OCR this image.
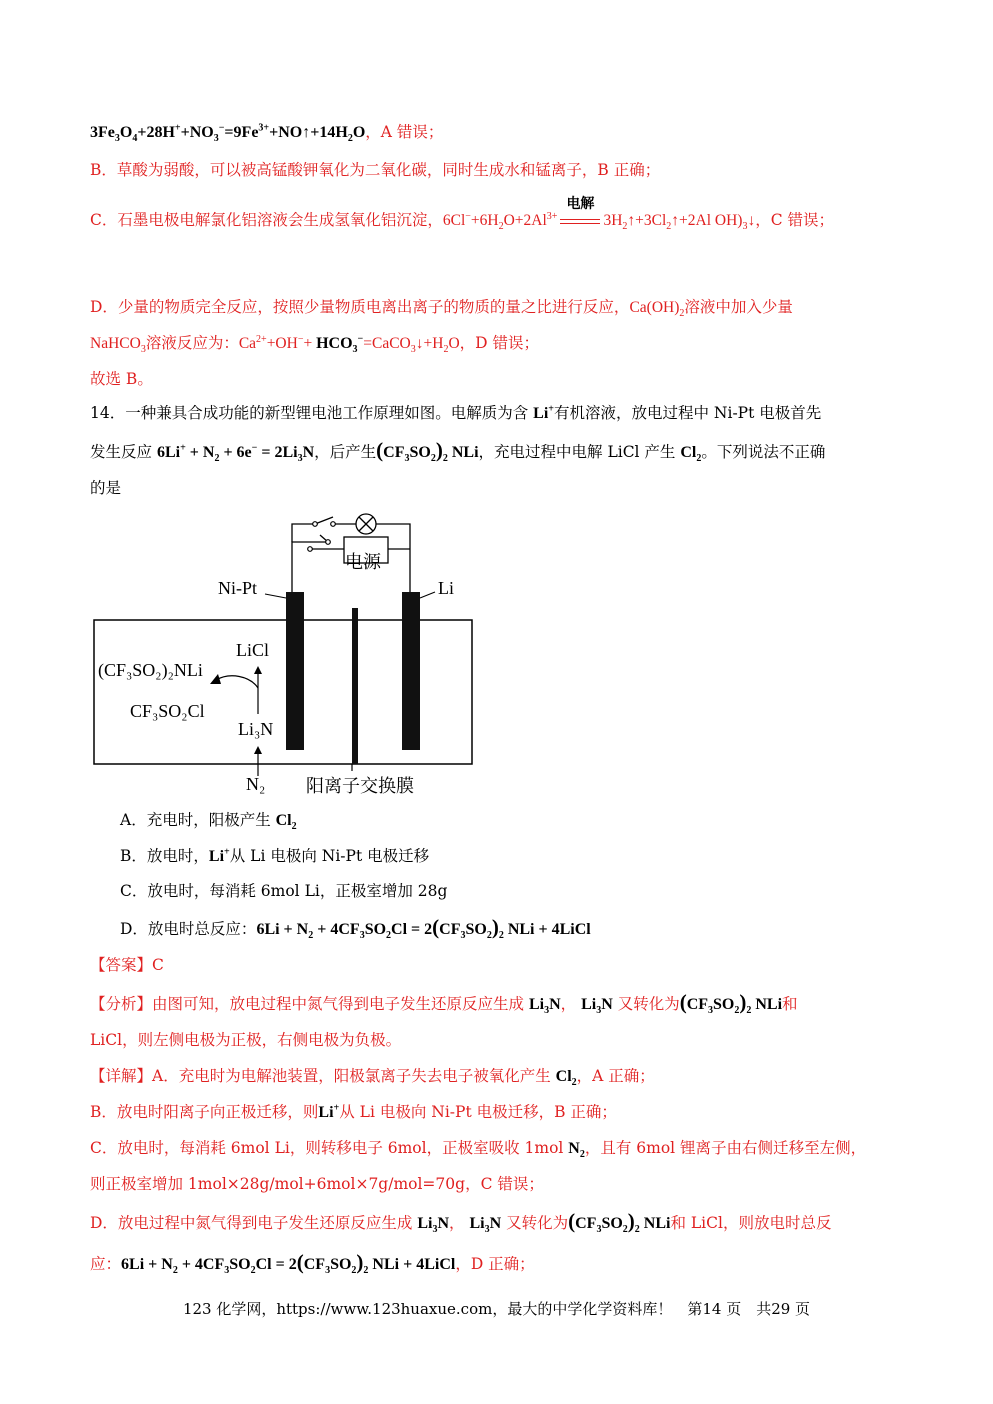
$3Fe_3O_4+28H^++NO_3^-=9Fe^{3+}+NO↑+14H_2O$，A 错误；
B．草酸为弱酸，可以被高锰酸钾氧化为二氧化碳，同时生成水和锰离子，B 正确；
C．石墨电极电解氯化铝溶液会生成氢氧化铝沉淀，$6Cl^-+6H_2O+2Al^{3+}$
电解
$3H_2↑+3Cl_2↑+2Al$ $OH)_3↓$，C 错误；
D．少量的物质完全反应，按照少量物质电离出离子的物质的量之比进行反应，$Ca(OH)_2$溶液中加入少量
NaHCO$_3$溶液反应为：$Ca^{2+}+OH^-+$ $HCO_3^-=CaCO_3↓+H_2O$，D 错误；
故选 B。
14．一种兼具合成功能的新型锂电池工作原理如图。电解质为含 Li+有机溶液，放电过程中 Ni-Pt 电极首先
发生反应 $6Li^+ + N_2 + 6e^- = 2Li_3N$，后产生$(CF_3SO_2)_2$ NLi，充电过程中电解 LiCl 产生 $Cl_2$。下列说法不正确
的是
电源
Ni-Pt	Li
LiCl
(CF₃SO₂)₂NLi
CF₃SO₂Cl
Li₃N
N₂ 阳离子交换膜
A．充电时，阳极产生 $Cl_2$
B．放电时，Li+从 Li 电极向 Ni-Pt 电极迁移
C．放电时，每消耗 6mol Li，正极室增加 28g
D．放电时总反应：$6Li + N_2 + 4CF_3SO_2Cl = 2(CF_3SO_2)_2$ NLi + 4LiCl
【答案】C
【分析】由图可知，放电过程中氮气得到电子发生还原反应生成 $Li_3N$， $Li_3N$ 又转化为$(CF_3SO_2)_2$ NLi和
LiCl，则左侧电极为正极，右侧电极为负极。
【详解】A．充电时为电解池装置，阳极氯离子失去电子被氧化产生 $Cl_2$，A 正确；
B．放电时阳离子向正极迁移，则Li+从 Li 电极向 Ni-Pt 电极迁移，B 正确；
C．放电时，每消耗 6mol Li，则转移电子 6mol，正极室吸收 1mol $N_2$，且有 6mol 锂离子由右侧迁移至左侧，
则正极室增加 1mol×28g/mol+6mol×7g/mol=70g，C 错误；
D．放电过程中氮气得到电子发生还原反应生成 $Li_3N$， $Li_3N$ 又转化为$(CF_3SO_2)_2$ NLi和 LiCl，则放电时总反
应：$6Li + N_2 + 4CF_3SO_2Cl = 2(CF_3SO_2)_2$ NLi + 4LiCl，D 正确；
123 化学网，https://www.123huaxue.com，最大的中学化学资料库！　第14 页　共29 页
